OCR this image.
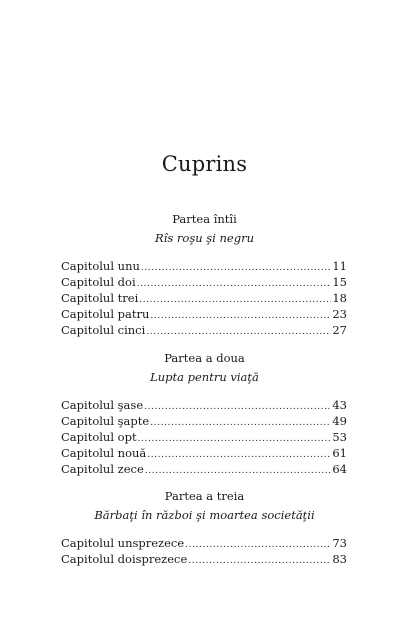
Cuprins
Partea întîi
Rîs roşu şi negru
Capitolul unu .....	11
Capitolul doi .....	15
Capitolul trei .....	18
Capitolul patru .....	23
Capitolul cinci .....	27
Partea a doua
Lupta pentru viaţă
Capitolul şase .....	43
Capitolul şapte .....	49
Capitolul opt .....	53
Capitolul nouă .....	61
Capitolul zece .....	64
Partea a treia
Bărbaţi în război şi moartea societăţii
Capitolul unsprezece .....	73
Capitolul doisprezece .....	83
